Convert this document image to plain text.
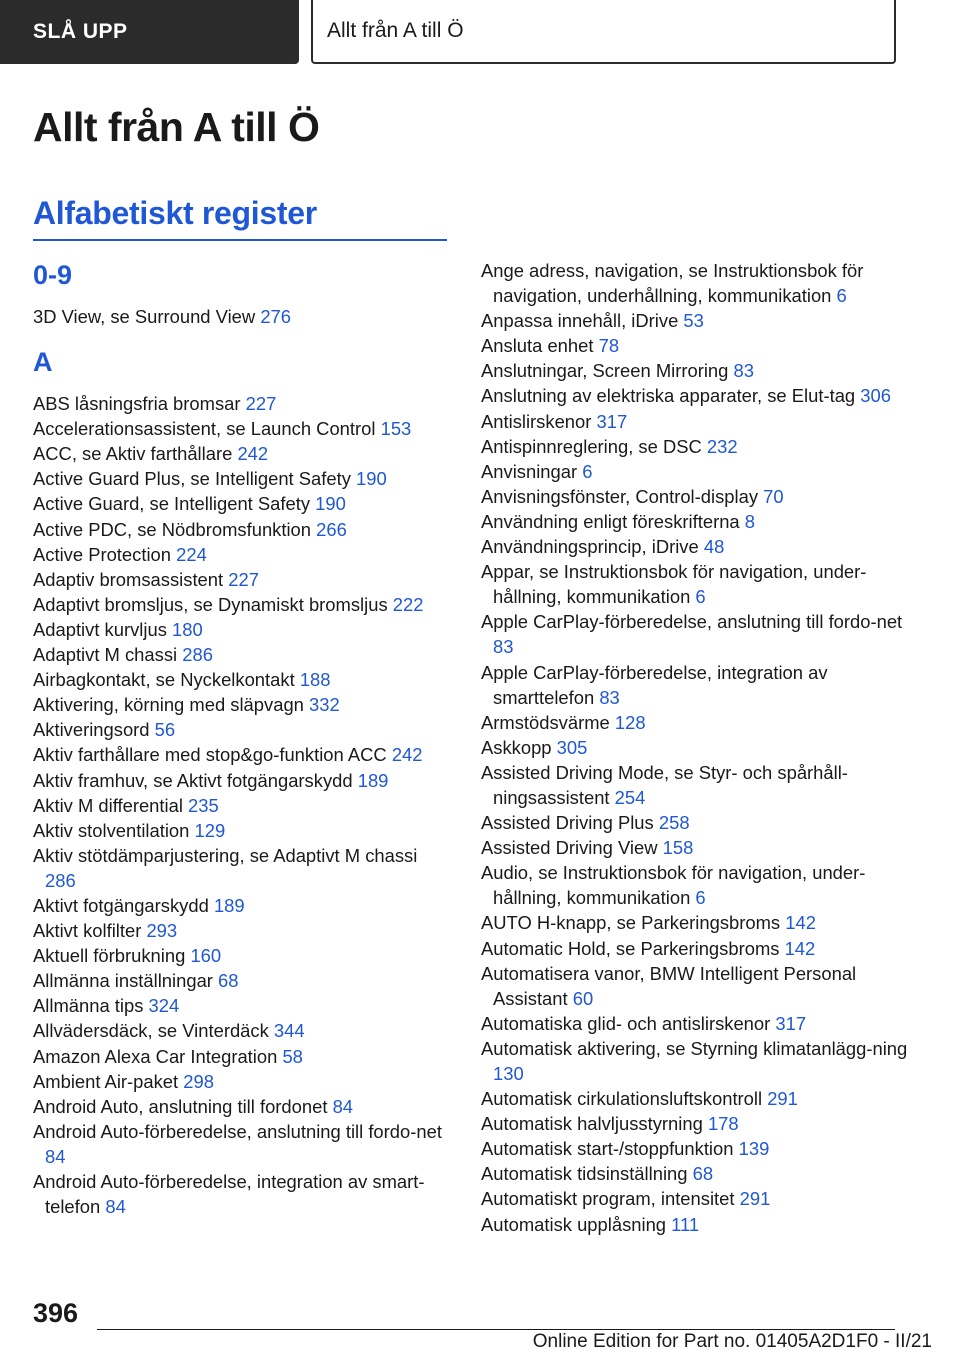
SLÅ UPP	Allt från A till Ö
Allt från A till Ö
Alfabetiskt register
0-9
3D View, se Surround View 276
A
ABS låsningsfria bromsar 227
Accelerationsassistent, se Launch Control 153
ACC, se Aktiv farthållare 242
Active Guard Plus, se Intelligent Safety 190
Active Guard, se Intelligent Safety 190
Active PDC, se Nödbromsfunktion 266
Active Protection 224
Adaptiv bromsassistent 227
Adaptivt bromsljus, se Dynamiskt bromsljus 222
Adaptivt kurvljus 180
Adaptivt M chassi 286
Airbagkontakt, se Nyckelkontakt 188
Aktivering, körning med släpvagn 332
Aktiveringsord 56
Aktiv farthållare med stop&go-funktion ACC 242
Aktiv framhuv, se Aktivt fotgängarskydd 189
Aktiv M differential 235
Aktiv stolventilation 129
Aktiv stötdämparjustering, se Adaptivt M chassi 286
Aktivt fotgängarskydd 189
Aktivt kolfilter 293
Aktuell förbrukning 160
Allmänna inställningar 68
Allmänna tips 324
Allvädersdäck, se Vinterdäck 344
Amazon Alexa Car Integration 58
Ambient Air-paket 298
Android Auto, anslutning till fordonet 84
Android Auto-förberedelse, anslutning till fordo-net 84
Android Auto-förberedelse, integration av smart-telefon 84
Ange adress, navigation, se Instruktionsbok för navigation, underhållning, kommunikation 6
Anpassa innehåll, iDrive 53
Ansluta enhet 78
Anslutningar, Screen Mirroring 83
Anslutning av elektriska apparater, se Elut-tag 306
Antislirskenor 317
Antispinnreglering, se DSC 232
Anvisningar 6
Anvisningsfönster, Control-display 70
Användning enligt föreskrifterna 8
Användningsprincip, iDrive 48
Appar, se Instruktionsbok för navigation, under-hållning, kommunikation 6
Apple CarPlay-förberedelse, anslutning till fordo-net 83
Apple CarPlay-förberedelse, integration av smarttelefon 83
Armstödsvärme 128
Askkopp 305
Assisted Driving Mode, se Styr- och spårhåll-ningsassistent 254
Assisted Driving Plus 258
Assisted Driving View 158
Audio, se Instruktionsbok för navigation, under-hållning, kommunikation 6
AUTO H-knapp, se Parkeringsbroms 142
Automatic Hold, se Parkeringsbroms 142
Automatisera vanor, BMW Intelligent Personal Assistant 60
Automatiska glid- och antislirskenor 317
Automatisk aktivering, se Styrning klimatanlägg-ning 130
Automatisk cirkulationsluftskontroll 291
Automatisk halvljusstyrning 178
Automatisk start-/stoppfunktion 139
Automatisk tidsinställning 68
Automatiskt program, intensitet 291
Automatisk upplåsning 111
396
Online Edition for Part no. 01405A2D1F0 - II/21
